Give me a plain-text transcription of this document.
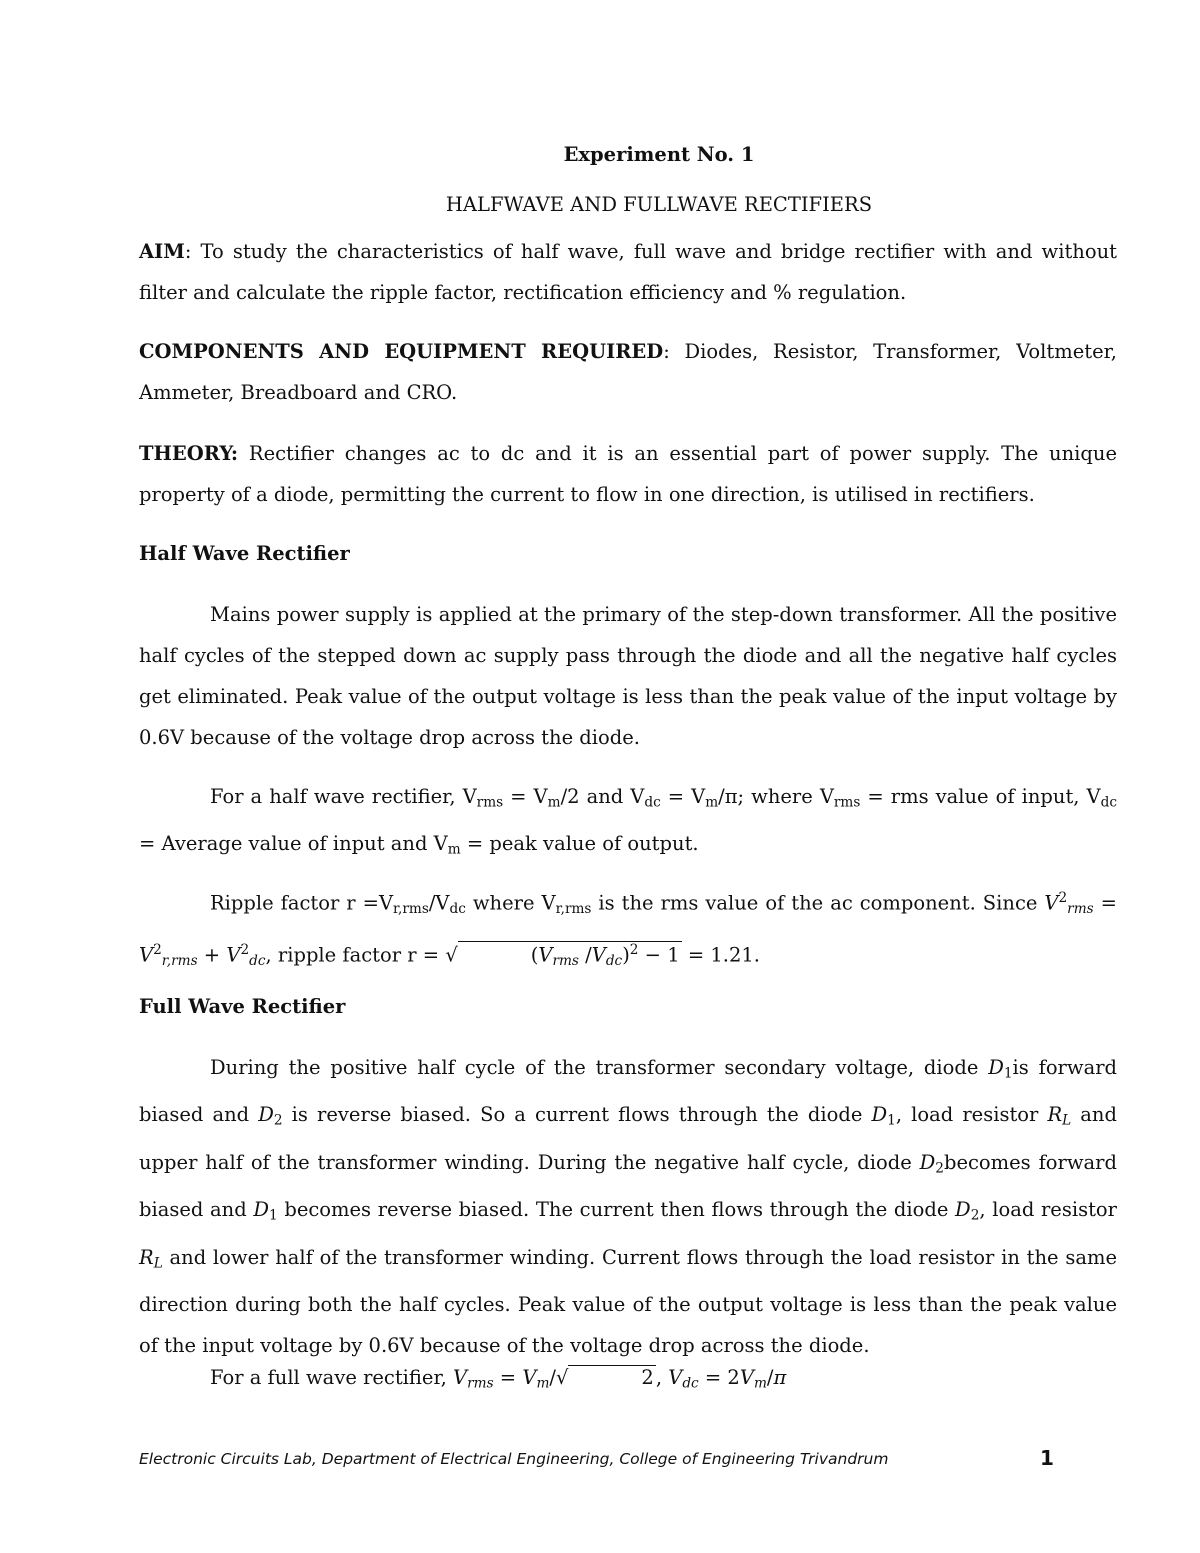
Experiment No. 1
HALFWAVE AND FULLWAVE RECTIFIERS
AIM: To study the characteristics of half wave, full wave and bridge rectifier with and without filter and calculate the ripple factor, rectification efficiency and % regulation.
COMPONENTS AND EQUIPMENT REQUIRED: Diodes, Resistor, Transformer, Voltmeter, Ammeter, Breadboard and CRO.
THEORY: Rectifier changes ac to dc and it is an essential part of power supply. The unique property of a diode, permitting the current to flow in one direction, is utilised in rectifiers.
Half Wave Rectifier
Mains power supply is applied at the primary of the step-down transformer. All the positive half cycles of the stepped down ac supply pass through the diode and all the negative half cycles get eliminated. Peak value of the output voltage is less than the peak value of the input voltage by 0.6V because of the voltage drop across the diode.
For a half wave rectifier, $V_{rms} = V_m/2$ and $V_{dc} = V_m/\pi$; where $V_{rms}$ = rms value of input, $V_{dc}$ = Average value of input and $V_m$ = peak value of output.
Ripple factor $r =V_{r,rms}/V_{dc}$ where $V_{r,rms}$ is the rms value of the ac component. Since $V^2_{rms} = V^2_{r,rms} + V^2_{dc}$, ripple factor r = √	($V_{rms}$ $/V_{dc})^2 - 1 = 1.21$.
Full Wave Rectifier
During the positive half cycle of the transformer secondary voltage, diode $D_1is$ forward biased and $D_2$ is reverse biased. So a current flows through the diode $D_1$, load resistor $R_L$ and upper half of the transformer winding. During the negative half cycle, diode $D_2becomes$ forward biased and $D_1$ becomes reverse biased. The current then flows through the diode $D_2$, load resistor $R_L$ and lower half of the transformer winding. Current flows through the load resistor in the same direction during both the half cycles. Peak value of the output voltage is less than the peak value of the input voltage by 0.6V because of the voltage drop across the diode.
For a full wave rectifier, $V_{rms} = V_m/√$	2 , $V_{dc} = 2V_m/\pi$
Electronic Circuits Lab, Department of Electrical Engineering, College of Engineering Trivandrum	1
